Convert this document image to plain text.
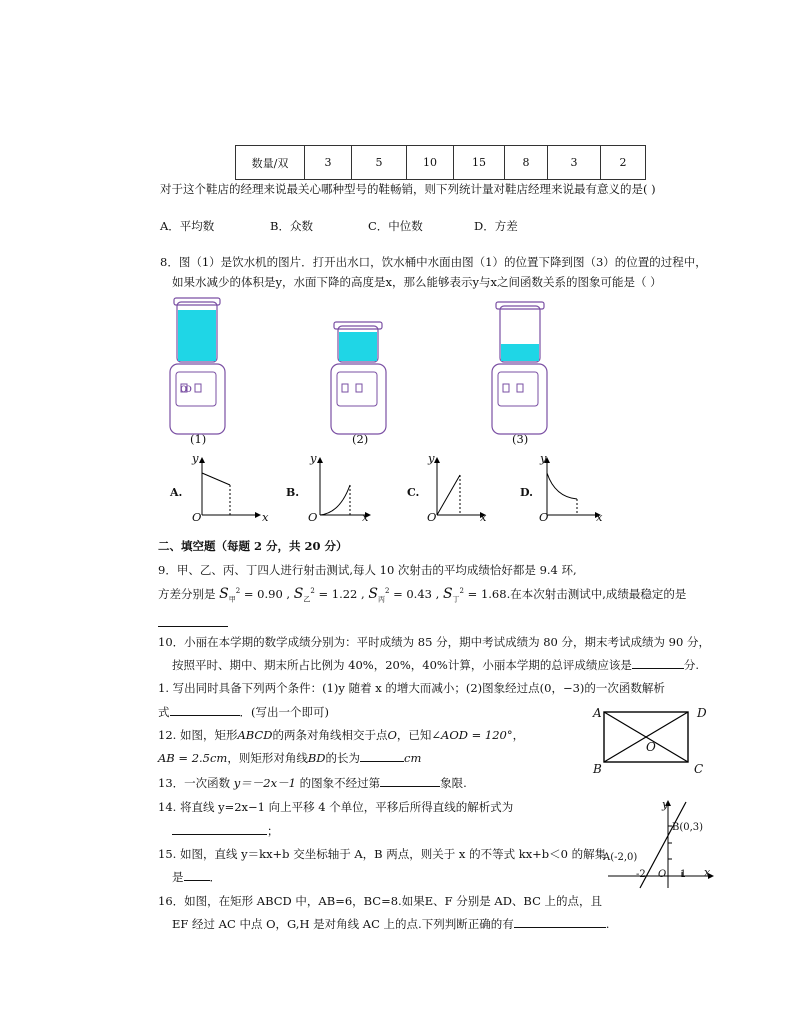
数量/双	3	5	10	15	8	3	2
对于这个鞋店的经理来说最关心哪种型号的鞋畅销，则下列统计量对鞋店经理来说最有意义的是( )
A．平均数	B．众数	C．中位数	D．方差
8．图（1）是饮水机的图片．打开出水口，饮水桶中水面由图（1）的位置下降到图（3）的位置的过程中，
如果水减少的体积是y，水面下降的高度是x，那么能够表示y与x之间函数关系的图象可能是（ ）
ꝏ
(1)	(2)	(3)
A.	B.	C.	D.
y
O	x
y
O	x
y
O	x
y
O	x
二、填空题（每题 2 分，共 20 分）
9．甲、乙、丙、丁四人进行射击测试,每人 10 次射击的平均成绩恰好都是 9.4 环,
方差分别是 $S_甲^2 = 0.90$ , $S_乙^2 = 1.22$ , $S_丙^2 = 0.43$ , $S_丁^2 = 1.68$.在本次射击测试中,成绩最稳定的是
10．小丽在本学期的数学成绩分别为：平时成绩为 85 分，期中考试成绩为 80 分，期末考试成绩为 90 分，
按照平时、期中、期末所占比例为 40%，20%，40%计算，小丽本学期的总评成绩应该是	分.
1. 写出同时具备下列两个条件：(1)y 随着 x 的增大而减小；(2)图象经过点(0，−3)的一次函数解析
式	．(写出一个即可)
12. 如图，矩形ABCD的两条对角线相交于点O，已知∠AOD = 120°，
AB = 2.5cm，则矩形对角线BD的长为	cm
A	D
B	C
O
13．一次函数 y＝－2x－1 的图象不经过第	象限.
14. 将直线 y=2x−1 向上平移 4 个单位，平移后所得直线的解析式为
；
15. 如图，直线 y＝kx+b 交坐标轴于 A，B 两点，则关于 x 的不等式 kx+b＜0 的解集
是 ．
y
B(0,3)
A(-2,0)
-2 O 1 x
16．如图，在矩形 ABCD 中，AB=6，BC=8.如果E、F 分别是 AD、BC 上的点，且
EF 经过 AC 中点 O，G,H 是对角线 AC 上的点.下列判断正确的有	.
